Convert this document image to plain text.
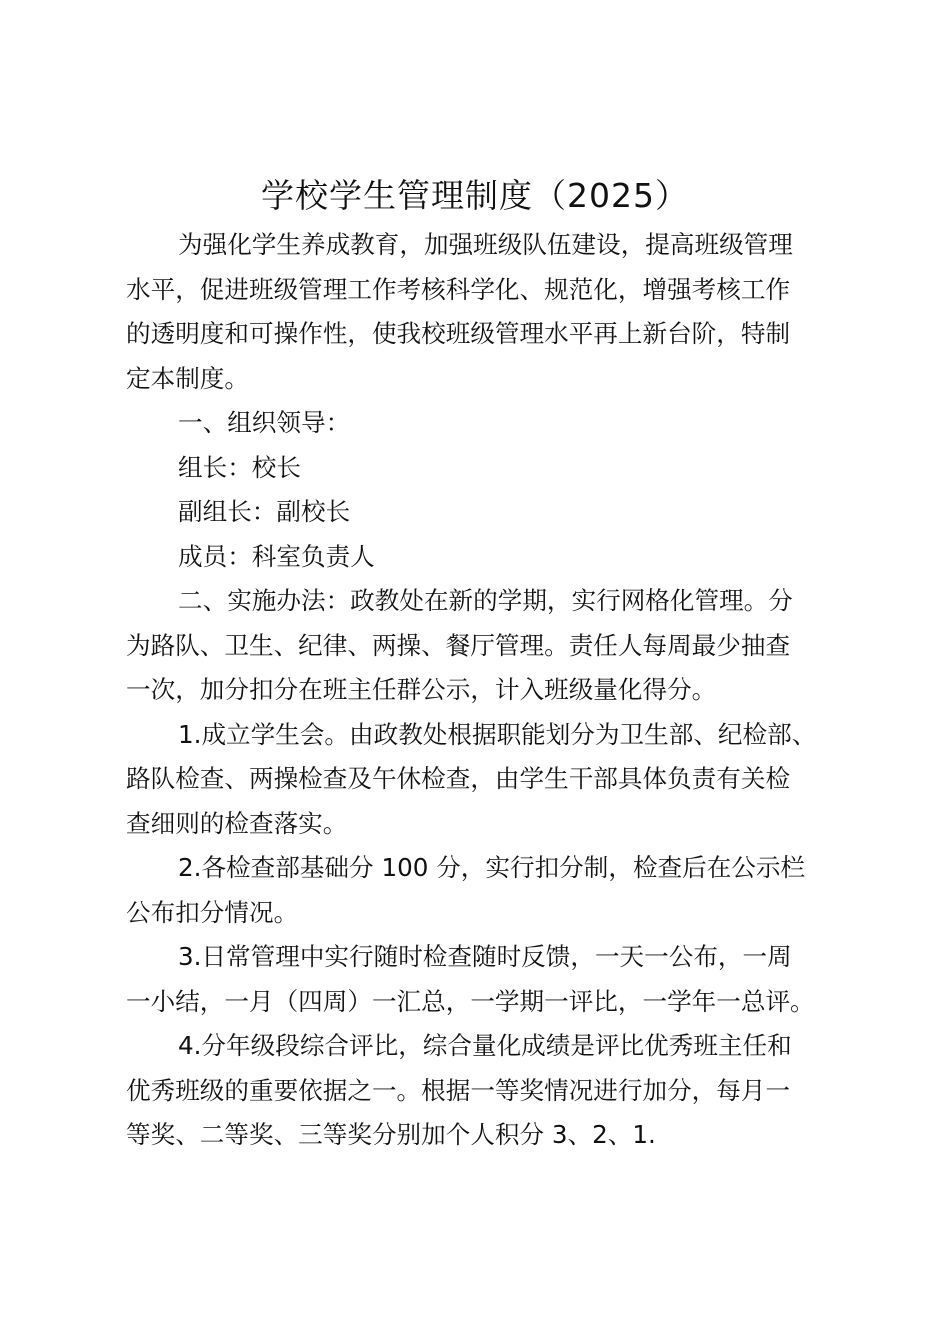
学校学生管理制度（2025）
为强化学生养成教育，加强班级队伍建设，提高班级管理
水平，促进班级管理工作考核科学化、规范化，增强考核工作
的透明度和可操作性，使我校班级管理水平再上新台阶，特制
定本制度。
一、组织领导：
组长：校长
副组长：副校长
成员：科室负责人
二、实施办法：政教处在新的学期，实行网格化管理。分
为路队、卫生、纪律、两操、餐厅管理。责任人每周最少抽查
一次，加分扣分在班主任群公示，计入班级量化得分。
1.成立学生会。由政教处根据职能划分为卫生部、纪检部、
路队检查、两操检查及午休检查，由学生干部具体负责有关检
查细则的检查落实。
2.各检查部基础分 100 分，实行扣分制，检查后在公示栏
公布扣分情况。
3.日常管理中实行随时检查随时反馈，一天一公布，一周
一小结，一月（四周）一汇总，一学期一评比，一学年一总评。
4.分年级段综合评比，综合量化成绩是评比优秀班主任和
优秀班级的重要依据之一。根据一等奖情况进行加分，每月一
等奖、二等奖、三等奖分别加个人积分 3、2、1.
